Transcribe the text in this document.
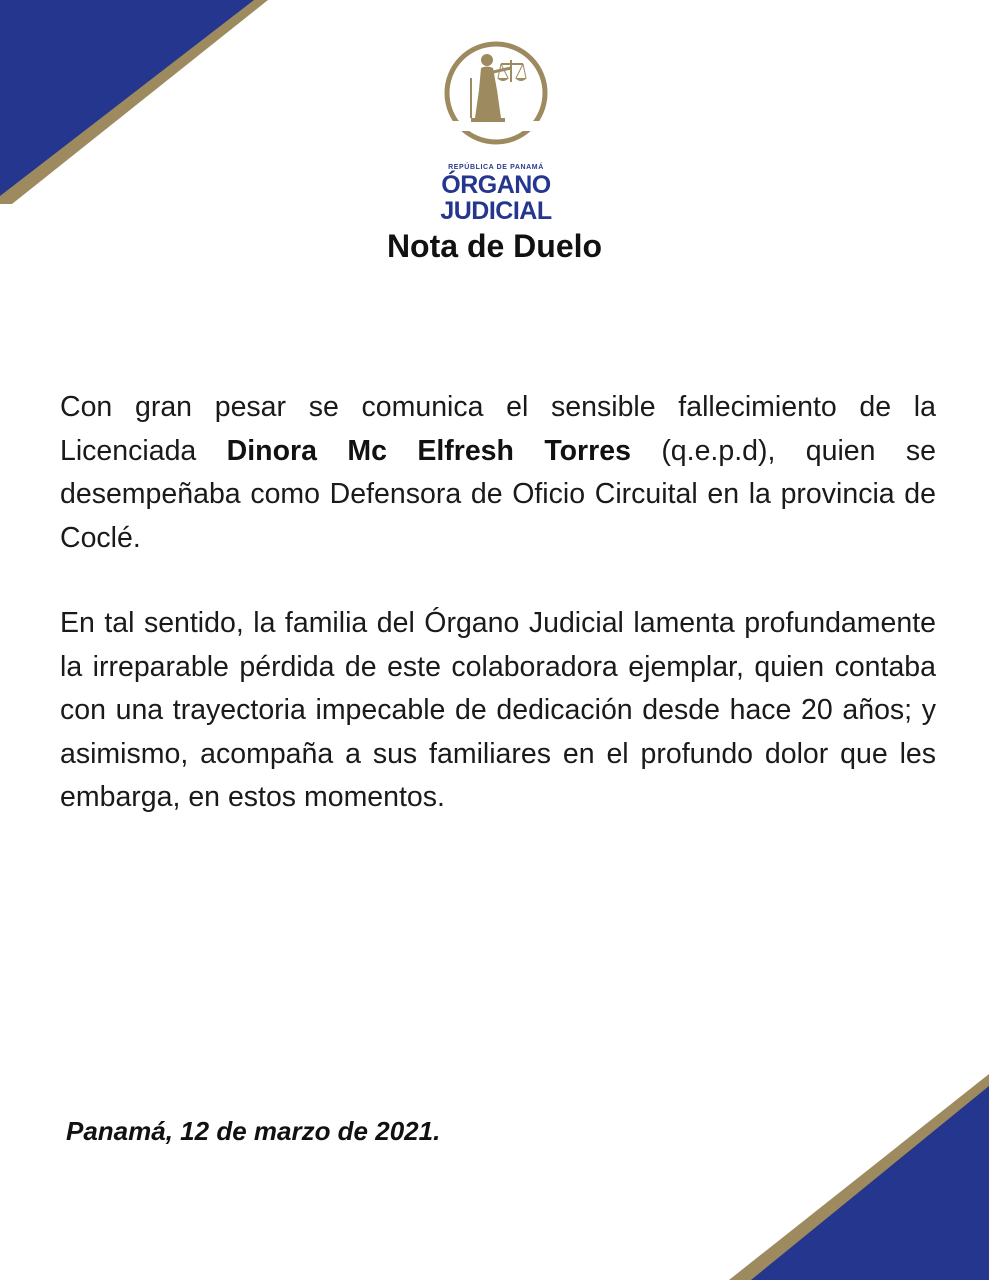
REPÚBLICA DE PANAMÁ
ÓRGANO
JUDICIAL
Nota de Duelo
Con gran pesar se comunica el sensible fallecimiento de la Licenciada Dinora Mc Elfresh Torres (q.e.p.d), quien se desempeñaba como Defensora de Oficio Circuital en la provincia de Coclé.
En tal sentido, la familia del Órgano Judicial lamenta profundamente la irreparable pérdida de este colaboradora ejemplar, quien contaba con una trayectoria impecable de dedicación desde hace 20 años; y asimismo, acompaña a sus familiares en el profundo dolor que les embarga, en estos momentos.
Panamá, 12 de marzo de 2021.
